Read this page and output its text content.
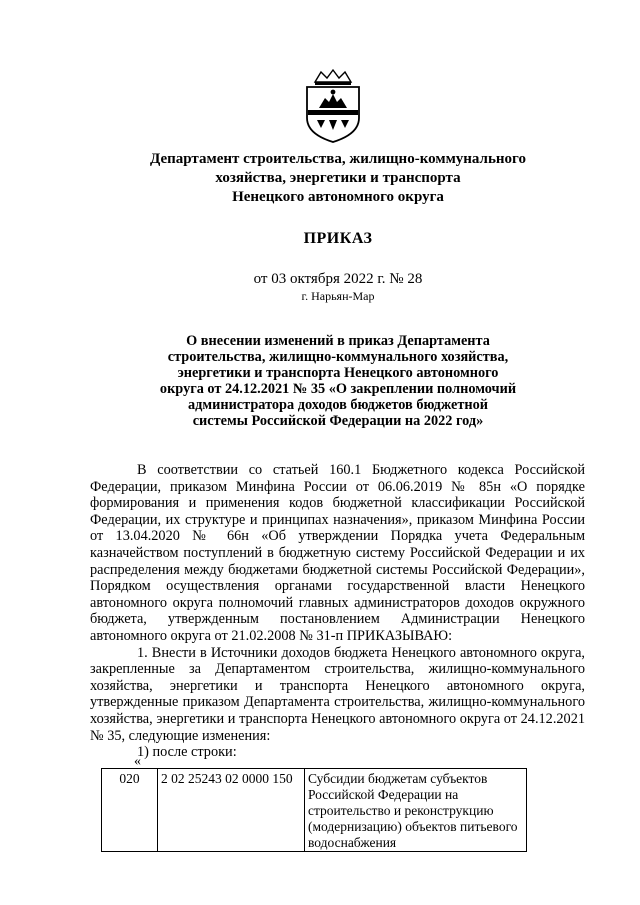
Департамент строительства, жилищно-коммунального
хозяйства, энергетики и транспорта
Ненецкого автономного округа
ПРИКАЗ
от 03 октября 2022 г. № 28
г. Нарьян-Мар
О внесении изменений в приказ Департамента
строительства, жилищно-коммунального хозяйства,
энергетики и транспорта Ненецкого автономного
округа от 24.12.2021 № 35 «О закреплении полномочий
администратора доходов бюджетов бюджетной
системы Российской Федерации на 2022 год»

В соответствии со статьей 160.1 Бюджетного кодекса Российской Федерации, приказом Минфина России от 06.06.2019 № 85н «О порядке формирования и применения кодов бюджетной классификации Российской Федерации, их структуре и принципах назначения», приказом Минфина России от 13.04.2020 № 66н «Об утверждении Порядка учета Федеральным казначейством поступлений в бюджетную систему Российской Федерации и их распределения между бюджетами бюджетной системы Российской Федерации», Порядком осуществления органами государственной власти Ненецкого автономного округа полномочий главных администраторов доходов окружного бюджета, утвержденным постановлением Администрации Ненецкого автономного округа от 21.02.2008 № 31-п ПРИКАЗЫВАЮ:

1. Внести в Источники доходов бюджета Ненецкого автономного округа, закрепленные за Департаментом строительства, жилищно-коммунального хозяйства, энергетики и транспорта Ненецкого автономного округа, утвержденные приказом Департамента строительства, жилищно-коммунального хозяйства, энергетики и транспорта Ненецкого автономного округа от 24.12.2021 № 35, следующие изменения:

1) после строки:

«
020	2 02 25243 02 0000 150	Субсидии бюджетам субъектов Российской Федерации на строительство и реконструкцию (модернизацию) объектов питьевого водоснабжения
